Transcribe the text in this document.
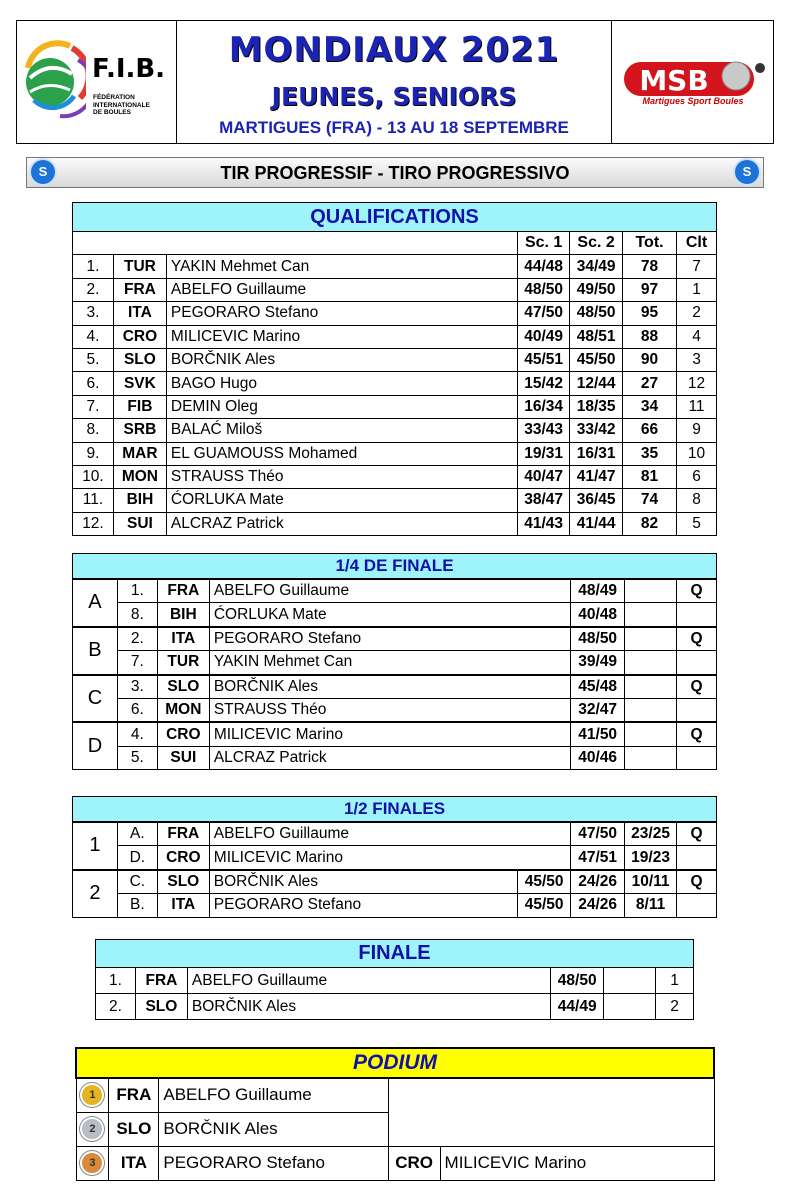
F.I.B.
FÉDÉRATION
INTERNATIONALE
DE BOULES
MONDIAUX 2021
JEUNES, SENIORS
MARTIGUES (FRA) - 13 AU 18 SEPTEMBRE
MSB
Martigues Sport Boules
TIR PROGRESSIF - TIRO PROGRESSIVO
S	S
QUALIFICATIONS						
			Sc. 1	Sc. 2	Tot.	Clt
1.	TUR	YAKIN Mehmet Can	44/48	34/49	78	7
2.	FRA	ABELFO Guillaume	48/50	49/50	97	1
3.	ITA	PEGORARO Stefano	47/50	48/50	95	2
4.	CRO	MILICEVIC Marino	40/49	48/51	88	4
5.	SLO	BORČNIK Ales	45/51	45/50	90	3
6.	SVK	BAGO Hugo	15/42	12/44	27	12
7.	FIB	DEMIN Oleg	16/34	18/35	34	11
8.	SRB	BALAĆ Miloš	33/43	33/42	66	9
9.	MAR	EL GUAMOUSS Mohamed	19/31	16/31	35	10
10.	MON	STRAUSS Théo	40/47	41/47	81	6
11.	BIH	ĆORLUKA Mate	38/47	36/45	74	8
12.	SUI	ALCRAZ Patrick	41/43	41/44	82	5
1/4 DE FINALE						
A	1.	FRA	ABELFO Guillaume	48/49		Q
	8.	BIH	ĆORLUKA Mate	40/48		
B	2.	ITA	PEGORARO Stefano	48/50		Q
	7.	TUR	YAKIN Mehmet Can	39/49		
C	3.	SLO	BORČNIK Ales	45/48		Q
	6.	MON	STRAUSS Théo	32/47		
D	4.	CRO	MILICEVIC Marino	41/50		Q
	5.	SUI	ALCRAZ Patrick	40/46		
1/2 FINALES							
1	A.	FRA	ABELFO Guillaume		47/50	23/25	Q
	D.	CRO	MILICEVIC Marino		47/51	19/23	
2	C.	SLO	BORČNIK Ales	45/50	24/26	10/11	Q
	B.	ITA	PEGORARO Stefano	45/50	24/26	8/11	
FINALE					
1.	FRA	ABELFO Guillaume	48/50		1
2.	SLO	BORČNIK Ales	44/49		2
PODIUM				
1	FRA	ABELFO Guillaume		
2	SLO	BORČNIK Ales		
3	ITA	PEGORARO Stefano	CRO	MILICEVIC Marino
